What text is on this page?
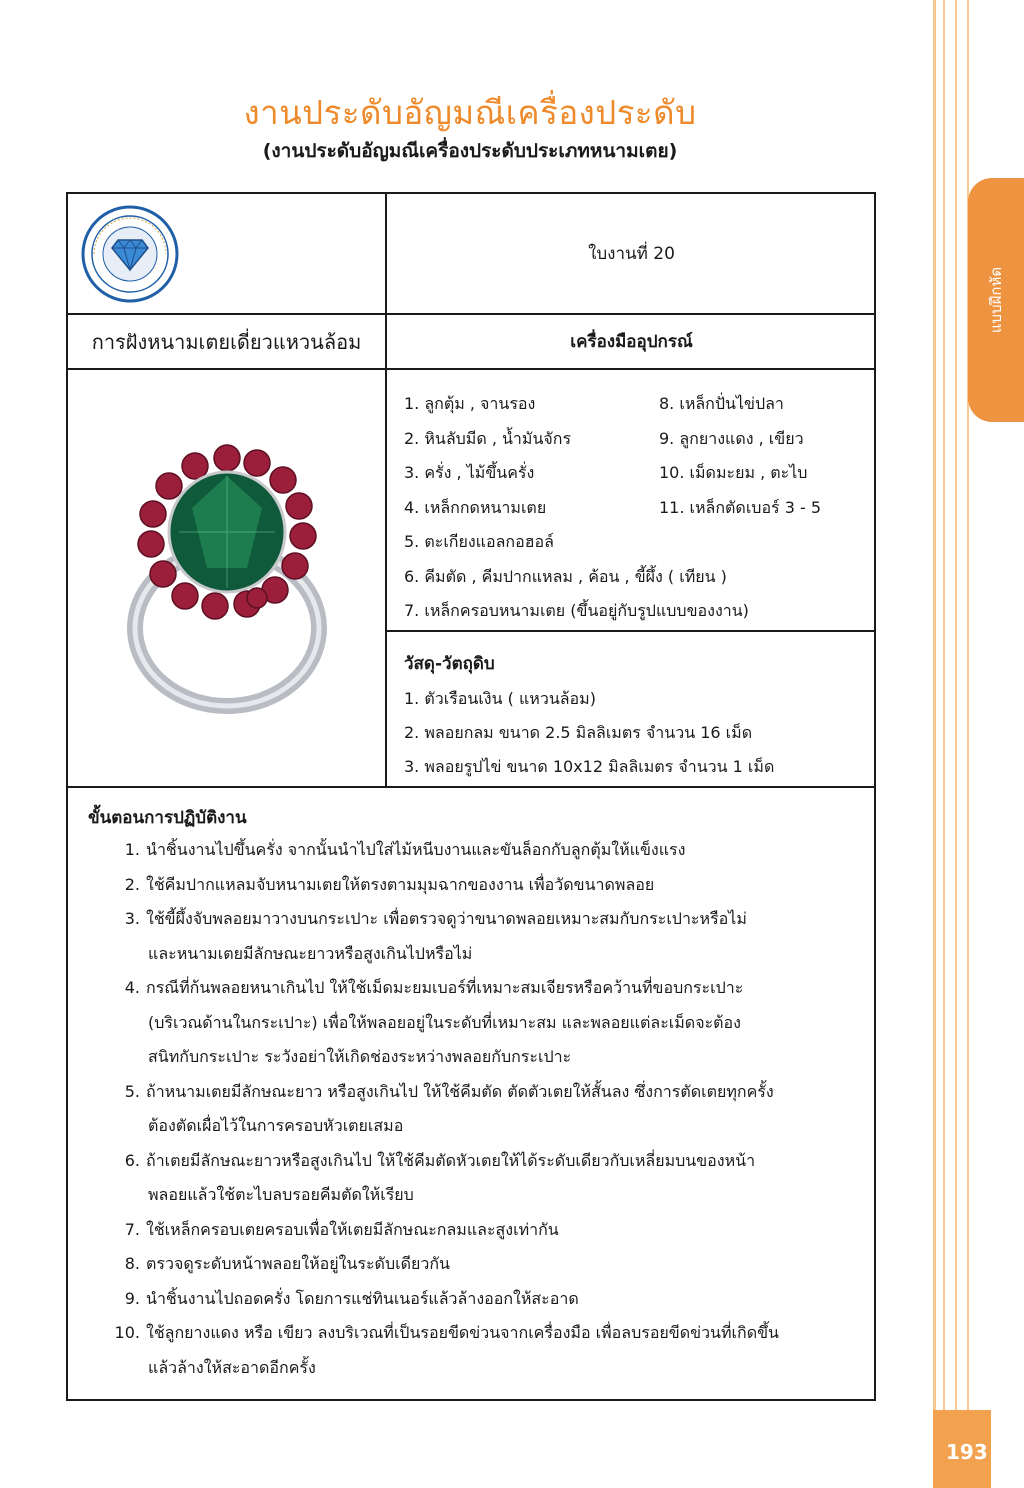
งานประดับอัญมณีเครื่องประดับ
(งานประดับอัญมณีเครื่องประดับประเภทหนามเตย)
ใบงานที่ 20
การฝังหนามเตยเดี่ยวแหวนล้อม	เครื่องมืออุปกรณ์
1. ลูกตุ้ม , จานรอง	8. เหล็กปั่นไข่ปลา
2. หินลับมีด , น้ำมันจักร	9. ลูกยางแดง , เขียว
3. ครั่ง , ไม้ขึ้นครั่ง	10. เม็ดมะยม , ตะไบ
4. เหล็กกดหนามเตย	11. เหล็กตัดเบอร์ 3 - 5
5. ตะเกียงแอลกอฮอล์
6. คีมตัด , คีมปากแหลม , ค้อน , ขี้ผึ้ง ( เทียน )
7. เหล็กครอบหนามเตย (ขึ้นอยู่กับรูปแบบของงาน)
วัสดุ-วัตถุดิบ
1. ตัวเรือนเงิน ( แหวนล้อม)
2. พลอยกลม ขนาด 2.5 มิลลิเมตร จำนวน 16 เม็ด
3. พลอยรูปไข่ ขนาด 10x12 มิลลิเมตร จำนวน 1 เม็ด
ขั้นตอนการปฏิบัติงาน
1. นำชิ้นงานไปขึ้นครั่ง จากนั้นนำไปใส่ไม้หนีบงานและขันล็อกกับลูกตุ้มให้แข็งแรง
2. ใช้คีมปากแหลมจับหนามเตยให้ตรงตามมุมฉากของงาน เพื่อวัดขนาดพลอย
3. ใช้ขี้ผึ้งจับพลอยมาวางบนกระเปาะ เพื่อตรวจดูว่าขนาดพลอยเหมาะสมกับกระเปาะหรือไม่
และหนามเตยมีลักษณะยาวหรือสูงเกินไปหรือไม่
4. กรณีที่ก้นพลอยหนาเกินไป ให้ใช้เม็ดมะยมเบอร์ที่เหมาะสมเจียรหรือคว้านที่ขอบกระเปาะ
(บริเวณด้านในกระเปาะ) เพื่อให้พลอยอยู่ในระดับที่เหมาะสม และพลอยแต่ละเม็ดจะต้อง
สนิทกับกระเปาะ ระวังอย่าให้เกิดช่องระหว่างพลอยกับกระเปาะ
5. ถ้าหนามเตยมีลักษณะยาว หรือสูงเกินไป ให้ใช้คีมตัด ตัดตัวเตยให้สั้นลง ซึ่งการตัดเตยทุกครั้ง
ต้องตัดเผื่อไว้ในการครอบหัวเตยเสมอ
6. ถ้าเตยมีลักษณะยาวหรือสูงเกินไป ให้ใช้คีมตัดหัวเตยให้ได้ระดับเดียวกับเหลี่ยมบนของหน้า
พลอยแล้วใช้ตะไบลบรอยคีมตัดให้เรียบ
7. ใช้เหล็กครอบเตยครอบเพื่อให้เตยมีลักษณะกลมและสูงเท่ากัน
8. ตรวจดูระดับหน้าพลอยให้อยู่ในระดับเดียวกัน
9. นำชิ้นงานไปถอดครั่ง โดยการแช่ทินเนอร์แล้วล้างออกให้สะอาด
10. ใช้ลูกยางแดง หรือ เขียว ลงบริเวณที่เป็นรอยขีดข่วนจากเครื่องมือ เพื่อลบรอยขีดข่วนที่เกิดขึ้น
แล้วล้างให้สะอาดอีกครั้ง
แบบฝึกหัด
193
